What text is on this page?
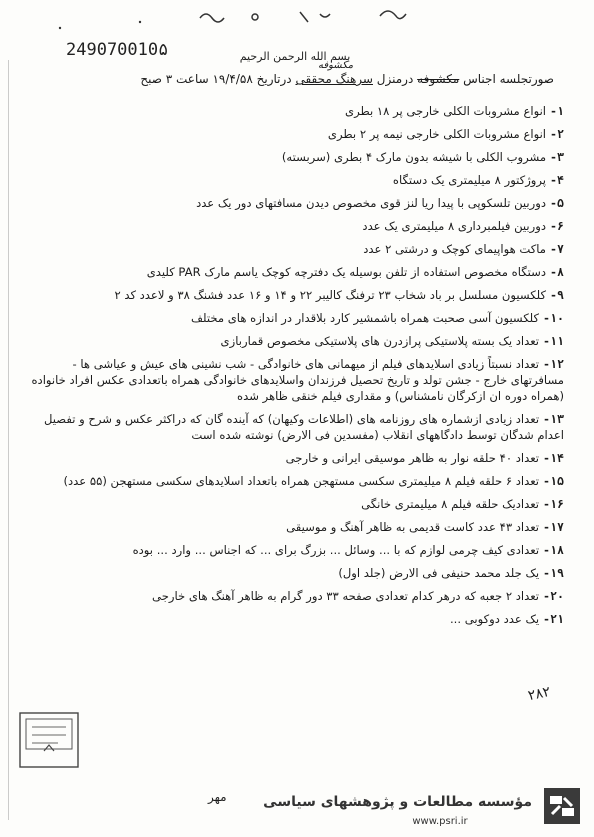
249070010۵	بسم الله الرحمن الرحیم
مکشوفه
صورتجلسه اجناس مکشوفه درمنزل سرهنگ محققی درتاریخ ۱۹/۴/۵۸ ساعت ۳ صبح
۱-انواع مشروبات الکلی خارجی پر ۱۸ بطری
۲-انواع مشروبات الکلی خارجی نیمه پر ۲ بطری
۳-مشروب الکلی با شیشه بدون مارک ۴ بطری (سربسته)
۴-پروژکتور ۸ میلیمتری یک دستگاه
۵-دوربین تلسکوپی با پیدا ریا لنز قوی مخصوص دیدن مسافتهای دور یک عدد
۶-دوربین فیلمبرداری ۸ میلیمتری یک عدد
۷-ماکت هواپیمای کوچک و درشتی ۲ عدد
۸-دستگاه مخصوص استفاده از تلفن بوسیله یک دفترچه کوچک یاسم مارک PAR کلیدی
۹-کلکسیون مسلسل بر باد شخاب ۲۳ ترفنگ کالیبر ۲۲ و ۱۴ و ۱۶ عدد فشنگ ۳۸ و لاعدد کد ۲
۱۰-کلکسیون آسی صحبت همراه باشمشیر کارد بلاقدار در اندازه های مختلف
۱۱-تعداد یک بسته پلاستیکی پرازدرن های پلاستیکی مخصوص قماربازی
۱۲-تعداد نسبتاً زیادی اسلایدهای فیلم از میهمانی های خانوادگی - شب نشینی های عیش و عیاشی ها - مسافرتهای خارج - جشن تولد و تاریخ تحصیل فرزندان واسلایدهای خانوادگی همراه باتعدادی عکس افراد خانواده (همراه دوره ان ازکرگان نامشناس) و مقداری فیلم خنقی ظاهر شده
۱۳-تعداد زیادی ازشماره های روزنامه های (اطلاعات وکیهان) که آینده گان که دراکثر عکس و شرح و تفصیل اعدام شدگان توسط دادگاههای انقلاب (مفسدین فی الارض) نوشته شده است
۱۴-تعداد ۴۰ حلقه نوار به ظاهر موسیقی ایرانی و خارجی
۱۵-تعداد ۶ حلقه فیلم ۸ میلیمتری سکسی مستهجن همراه باتعداد اسلایدهای سکسی مستهجن (۵۵ عدد)
۱۶-تعدادیک حلقه فیلم ۸ میلیمتری خانگی
۱۷-تعداد ۴۳ عدد کاست قدیمی به ظاهر آهنگ و موسیقی
۱۸-تعدادی کیف چرمی لوازم که با ... وسائل ... بزرگ برای ... که اجناس ... وارد ... بوده
۱۹-یک جلد محمد حنیفی فی الارض (جلد اول)
۲۰-تعداد ۲ جعبه که درهر کدام تعدادی صفحه ۳۳ دور گرام به ظاهر آهنگ های خارجی
۲۱-یک عدد دوکوبی ...
۲۸۲
مهر	مؤسسه مطالعات و پژوهشهای سیاسی
www.psri.ir
